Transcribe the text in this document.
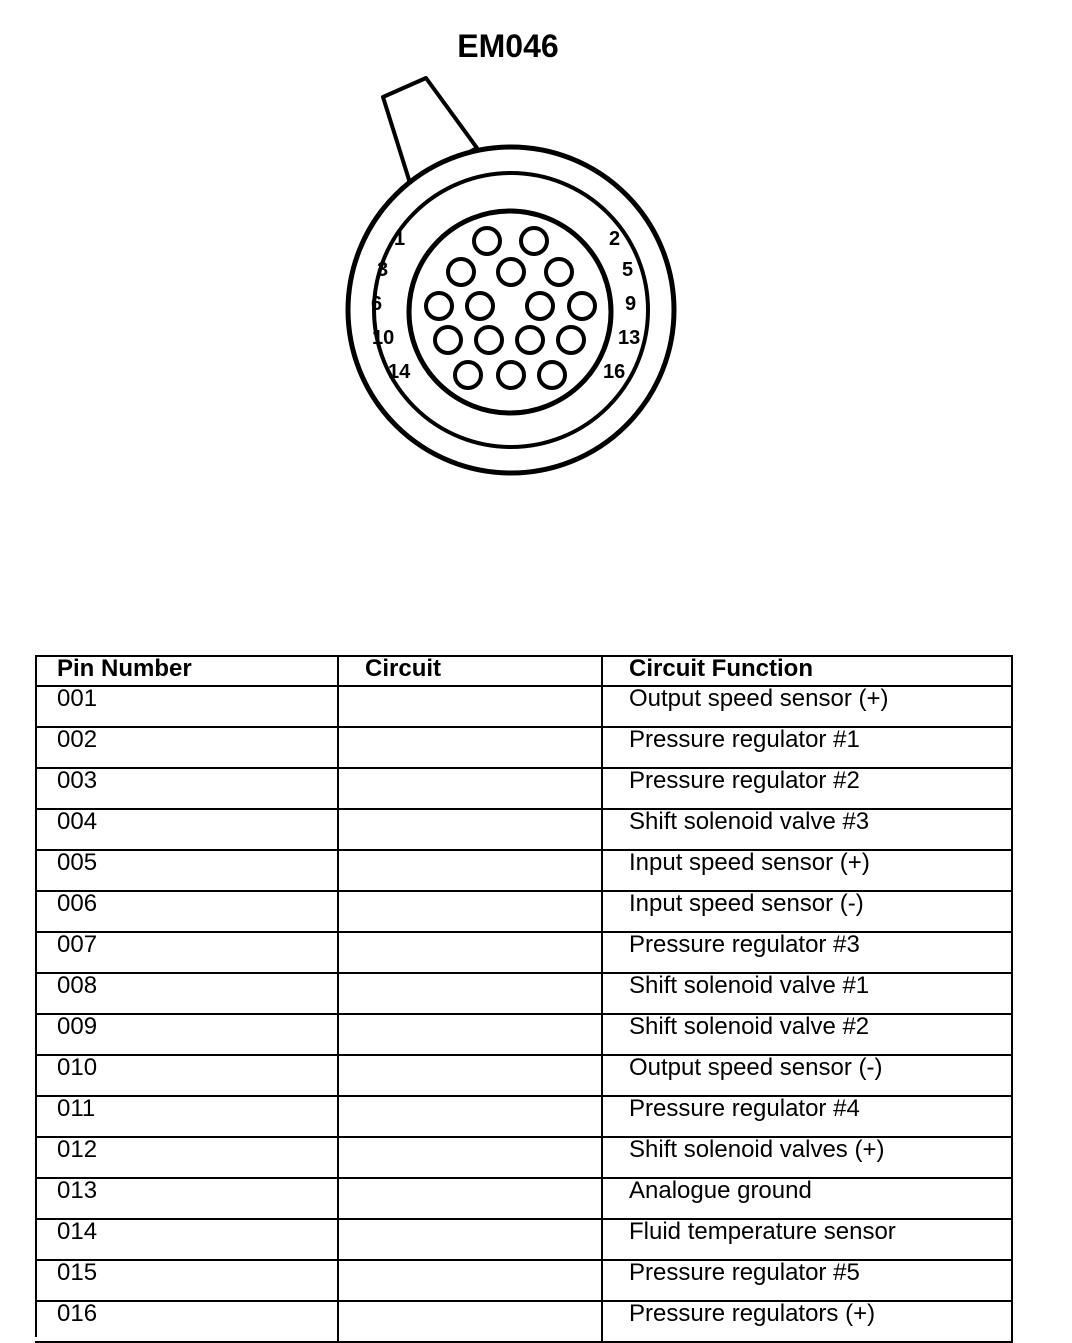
EM046
1	2
3	5
6	9
10	13
14	16
Pin Number	Circuit	Circuit Function
001		Output speed sensor (+)
002		Pressure regulator #1
003		Pressure regulator #2
004		Shift solenoid valve #3
005		Input speed sensor (+)
006		Input speed sensor (-)
007		Pressure regulator #3
008		Shift solenoid valve #1
009		Shift solenoid valve #2
010		Output speed sensor (-)
011		Pressure regulator #4
012		Shift solenoid valves (+)
013		Analogue ground
014		Fluid temperature sensor
015		Pressure regulator #5
016		Pressure regulators (+)
